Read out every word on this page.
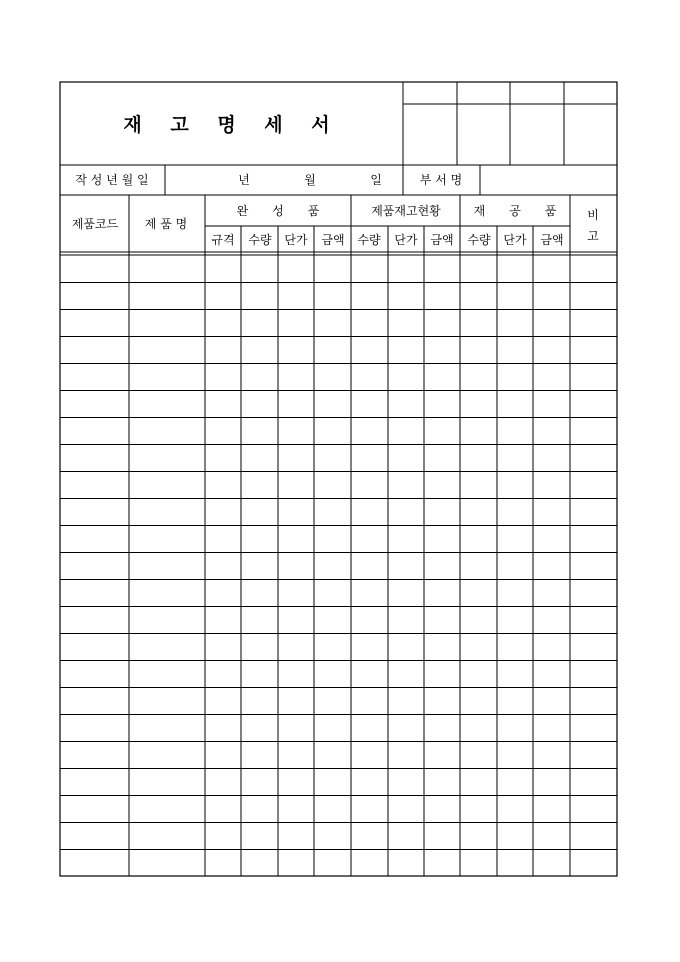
재 고 명 세 서
작 성 년 월 일	년	월	일	부 서 명
제품코드 제 품 명
완　　성　　품	제품재고현황	재　　공　　품	비
고
규격 수량 단가 금액 수량 단가 금액 수량 단가 금액
